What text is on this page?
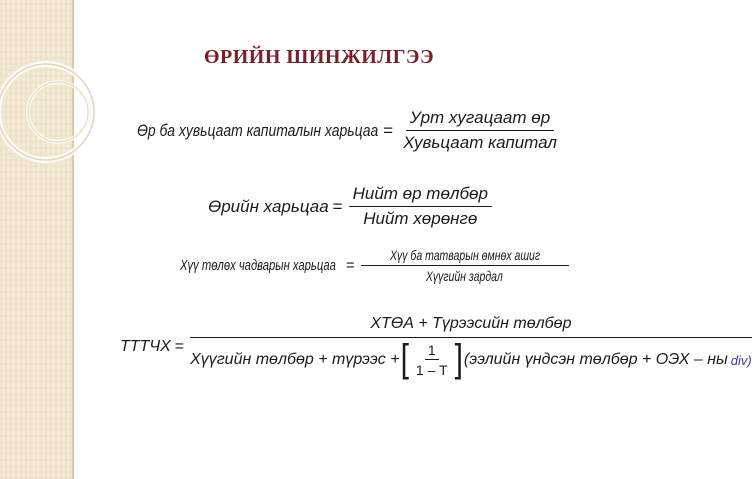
ӨРИЙН ШИНЖИЛГЭЭ
Өр ба хувьцаат капиталын харьцаа = $\frac{\text{Урт хугацаат өр}}{\text{Хувьцаат капитал}}$
Өрийн харьцаа = $\frac{\text{Нийт өр төлбөр}}{\text{Нийт хөрөнгө}}$
Хүү төлөх чадварын харьцаа = $\frac{\text{Хүү ба татварын өмнөх ашиг}}{\text{Хүүгийн зардал}}$
ТТТЧХ =
ХТӨА + Түрээсийн төлбөр
Хүүгийн төлбөр + түрээс + [ $\frac{1}{1 - T}$ ] (ээлийн үндсэн төлбөр + ОЭХ – ны div)
